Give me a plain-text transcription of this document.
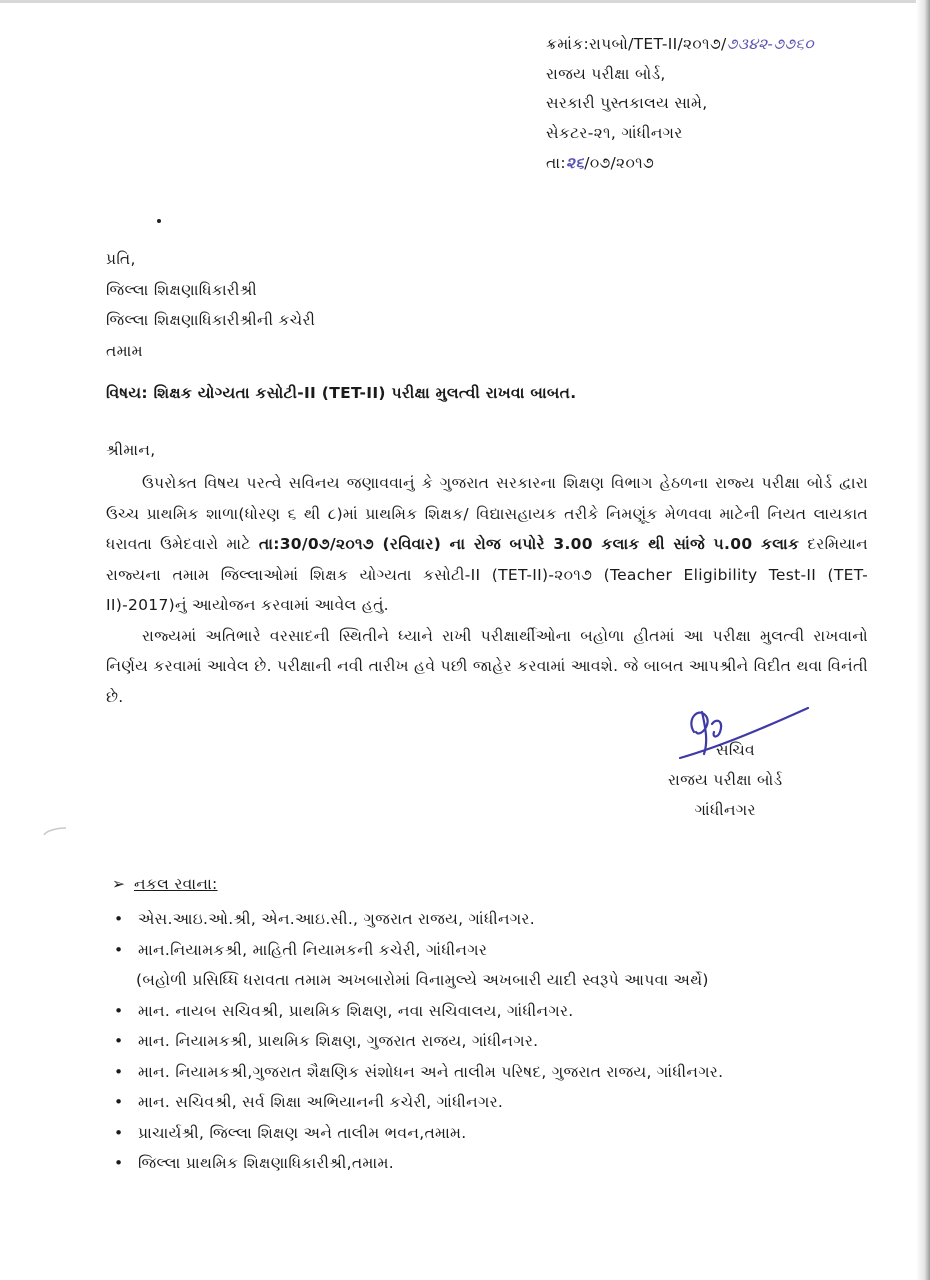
ક્રમાંક:રાપબો/TET-II/૨૦૧૭/૭૩૪૨-૭૭૬૦
રાજય પરીક્ષા બોર્ડ,
સરકારી પુસ્તકાલય સામે,
સેકટર-૨૧, ગાંધીનગર
તા:૨૬/૦૭/૨૦૧૭
પ્રતિ,
જિલ્લા શિક્ષણાધિકારીશ્રી
જિલ્લા શિક્ષણાધિકારીશ્રીની કચેરી
તમામ
વિષય: શિક્ષક યોગ્યતા કસોટી-II (TET-II) પરીક્ષા મુલત્વી રાખવા બાબત.
શ્રીમાન,

ઉપરોક્ત વિષય પરત્વે સવિનય જણાવવાનું કે ગુજરાત સરકારના શિક્ષણ વિભાગ હેઠળના રાજ્ય પરીક્ષા બોર્ડ દ્વારા ઉચ્ચ પ્રાથમિક શાળા(ધોરણ ૬ થી ૮)માં પ્રાથમિક શિક્ષક/ વિદ્યાસહાયક તરીકે નિમણૂંક મેળવવા માટેની નિયત લાયકાત ધરાવતા ઉમેદવારો માટે તા:30/0૭/૨૦૧૭ (રવિવાર) ના રોજ બપોરે 3.00 કલાક થી સાંજે ૫.00 કલાક દરમિયાન રાજ્યના તમામ જિલ્લાઓમાં શિક્ષક યોગ્યતા કસોટી-II (TET-II)-૨૦૧૭ (Teacher Eligibility Test-II (TET-II)-2017)નું આયોજન કરવામાં આવેલ હતું.

રાજ્યમાં અતિભારે વરસાદની સ્થિતીને ધ્યાને રાખી પરીક્ષાર્થીઓના બહોળા હીતમાં આ પરીક્ષા મુલત્વી રાખવાનો નિર્ણય કરવામાં આવેલ છે. પરીક્ષાની નવી તારીખ હવે પછી જાહેર કરવામાં આવશે. જે બાબત આપશ્રીને વિદીત થવા વિનંતી છે.

સચિવ
રાજય પરીક્ષા બોર્ડ
ગાંધીનગર
➢ નકલ રવાના:
• એસ.આઇ.ઓ.શ્રી, એન.આઇ.સી., ગુજરાત રાજય, ગાંધીનગર.
• માન.નિયામકશ્રી, માહિતી નિયામકની કચેરી, ગાંધીનગર
(બહોળી પ્રસિધ્ધિ ધરાવતા તમામ અખબારોમાં વિનામુલ્યે અખબારી યાદી સ્વરૂપે આપવા અર્થે)
• માન. નાયબ સચિવશ્રી, પ્રાથમિક શિક્ષણ, નવા સચિવાલય, ગાંધીનગર.
• માન. નિયામકશ્રી, પ્રાથમિક શિક્ષણ, ગુજરાત રાજય, ગાંધીનગર.
• માન. નિયામકશ્રી,ગુજરાત શૈક્ષણિક સંશોધન અને તાલીમ પરિષદ, ગુજરાત રાજય, ગાંધીનગર.
• માન. સચિવશ્રી, સર્વ શિક્ષા અભિયાનની કચેરી, ગાંધીનગર.
• પ્રાચાર્યશ્રી, જિલ્લા શિક્ષણ અને તાલીમ ભવન,તમામ.
• જિલ્લા પ્રાથમિક શિક્ષણાધિકારીશ્રી,તમામ.
